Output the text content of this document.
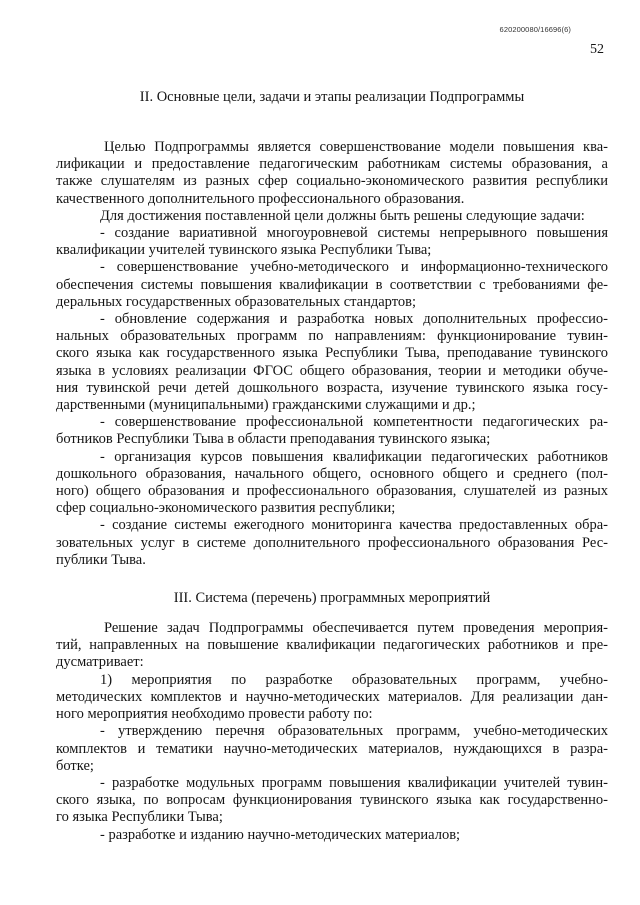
620200080/16696(6)
52
II. Основные цели, задачи и этапы реализации Подпрограммы
Целью Подпрограммы является совершенствование модели повышения ква-
лификации и предоставление педагогическим работникам системы образования, а
также слушателям из разных сфер социально-экономического развития республики
качественного дополнительного профессионального образования.
Для достижения поставленной цели должны быть решены следующие задачи:
- создание вариативной многоуровневой системы непрерывного повышения
квалификации учителей тувинского языка Республики Тыва;
- совершенствование учебно-методического и информационно-технического
обеспечения системы повышения квалификации в соответствии с требованиями фе-
деральных государственных образовательных стандартов;
- обновление содержания и разработка новых дополнительных профессио-
нальных образовательных программ по направлениям: функционирование тувин-
ского языка как государственного языка Республики Тыва, преподавание тувинского
языка в условиях реализации ФГОС общего образования, теории и методики обуче-
ния тувинской речи детей дошкольного возраста, изучение тувинского языка госу-
дарственными (муниципальными) гражданскими служащими и др.;
- совершенствование профессиональной компетентности педагогических ра-
ботников Республики Тыва в области преподавания тувинского языка;
- организация курсов повышения квалификации педагогических работников
дошкольного образования, начального общего, основного общего и среднего (пол-
ного) общего образования и профессионального образования, слушателей из разных
сфер социально-экономического развития республики;
- создание системы ежегодного мониторинга качества предоставленных обра-
зовательных услуг в системе дополнительного профессионального образования Рес-
публики Тыва.
III. Система (перечень) программных мероприятий
Решение задач Подпрограммы обеспечивается путем проведения мероприя-
тий, направленных на повышение квалификации педагогических работников и пре-
дусматривает:
1) мероприятия по разработке образовательных программ, учебно-
методических комплектов и научно-методических материалов. Для реализации дан-
ного мероприятия необходимо провести работу по:
- утверждению перечня образовательных программ, учебно-методических
комплектов и тематики научно-методических материалов, нуждающихся в разра-
ботке;
- разработке модульных программ повышения квалификации учителей тувин-
ского языка, по вопросам функционирования тувинского языка как государственно-
го языка Республики Тыва;
- разработке и изданию научно-методических материалов;
